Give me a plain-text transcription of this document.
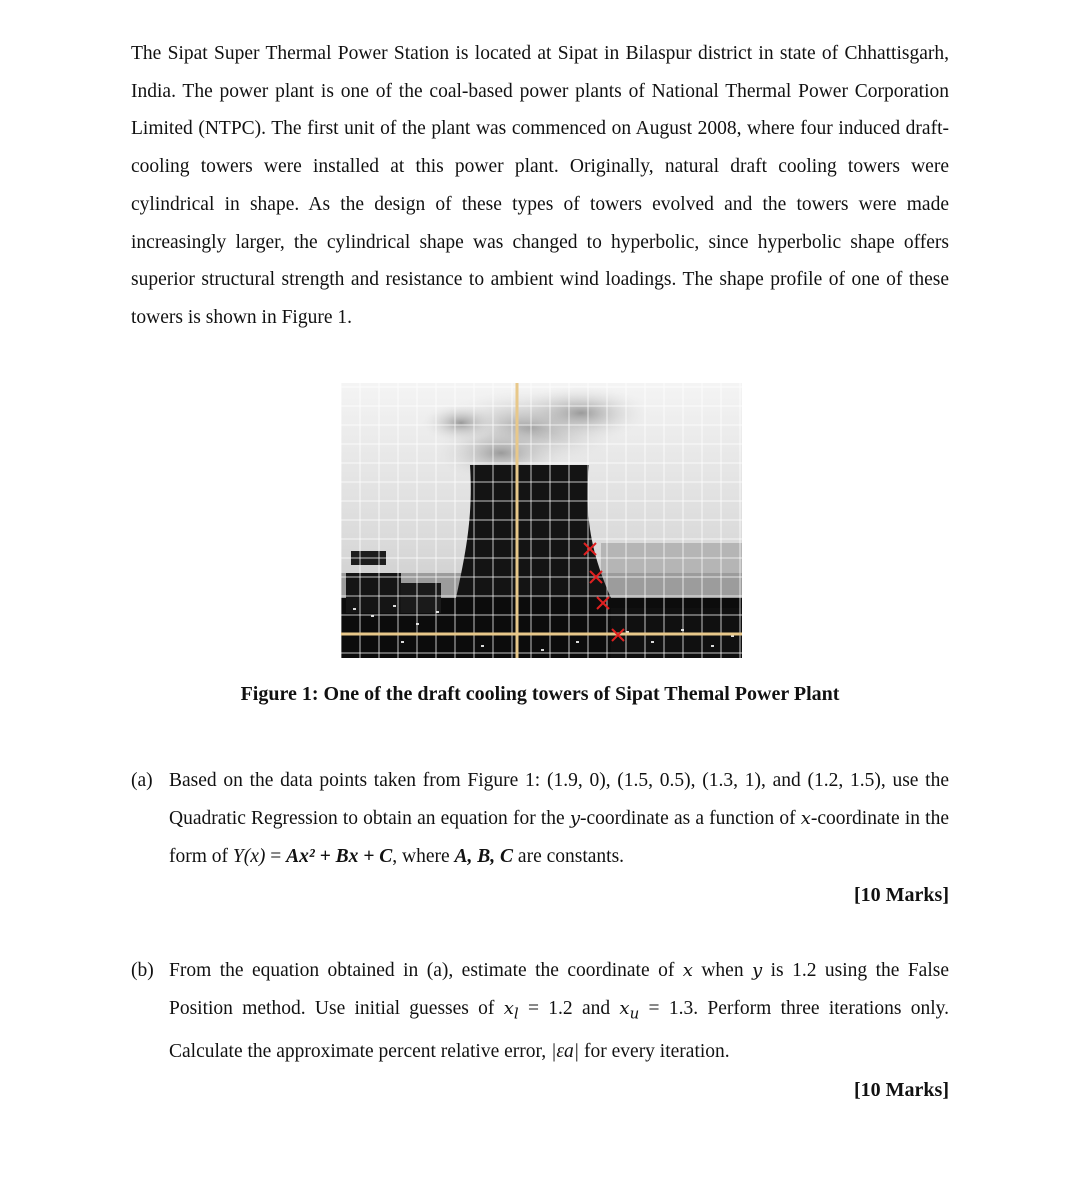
The Sipat Super Thermal Power Station is located at Sipat in Bilaspur district in state of Chhattisgarh, India. The power plant is one of the coal-based power plants of National Thermal Power Corporation Limited (NTPC). The first unit of the plant was commenced on August 2008, where four induced draft-cooling towers were installed at this power plant. Originally, natural draft cooling towers were cylindrical in shape. As the design of these types of towers evolved and the towers were made increasingly larger, the cylindrical shape was changed to hyperbolic, since hyperbolic shape offers superior structural strength and resistance to ambient wind loadings. The shape profile of one of these towers is shown in Figure 1.

Figure 1: One of the draft cooling towers of Sipat Themal Power Plant

(a) Based on the data points taken from Figure 1: (1.9, 0), (1.5, 0.5), (1.3, 1), and (1.2, 1.5), use the Quadratic Regression to obtain an equation for the y-coordinate as a function of x-coordinate in the form of Y(x) = Ax² + Bx + C, where A, B, C are constants.
[10 Marks]
(b) From the equation obtained in (a), estimate the coordinate of x when y is 1.2 using the False Position method. Use initial guesses of $x_l = 1.2$ and $x_u = 1.3$. Perform three iterations only. Calculate the approximate percent relative error, |εa| for every iteration.
[10 Marks]
